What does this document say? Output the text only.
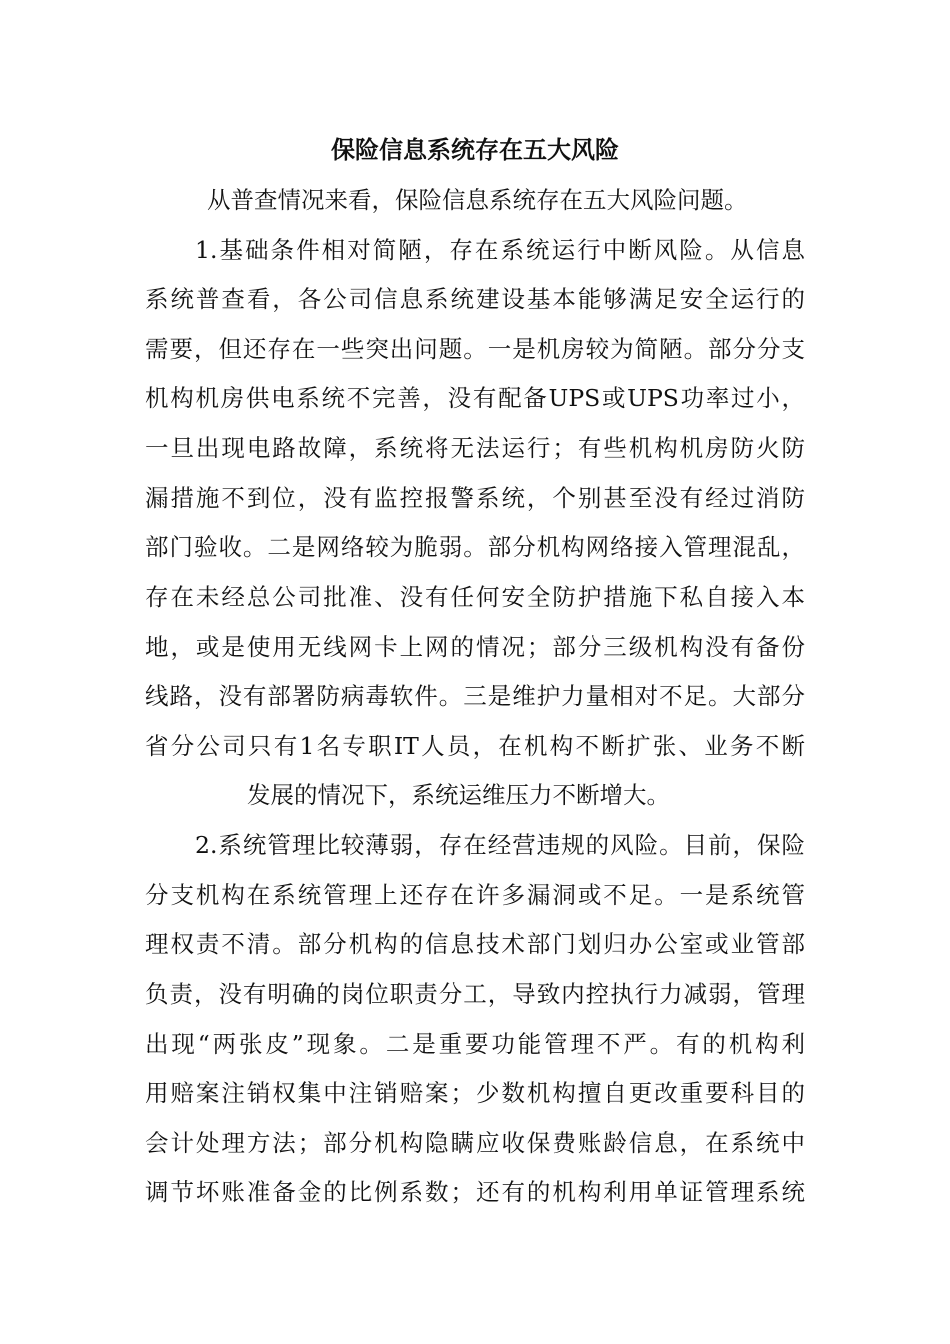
保险信息系统存在五大风险
从普查情况来看，保险信息系统存在五大风险问题。
1.基础条件相对简陋，存在系统运行中断风险。从信息
系统普查看，各公司信息系统建设基本能够满足安全运行的
需要，但还存在一些突出问题。一是机房较为简陋。部分分支
机构机房供电系统不完善，没有配备UPS或UPS功率过小，
一旦出现电路故障，系统将无法运行；有些机构机房防火防
漏措施不到位，没有监控报警系统，个别甚至没有经过消防
部门验收。二是网络较为脆弱。部分机构网络接入管理混乱，
存在未经总公司批准、没有任何安全防护措施下私自接入本
地，或是使用无线网卡上网的情况；部分三级机构没有备份
线路，没有部署防病毒软件。三是维护力量相对不足。大部分
省分公司只有1名专职IT人员，在机构不断扩张、业务不断
发展的情况下，系统运维压力不断增大。
2.系统管理比较薄弱，存在经营违规的风险。目前，保险
分支机构在系统管理上还存在许多漏洞或不足。一是系统管
理权责不清。部分机构的信息技术部门划归办公室或业管部
负责，没有明确的岗位职责分工，导致内控执行力减弱，管理
出现“两张皮”现象。二是重要功能管理不严。有的机构利
用赔案注销权集中注销赔案；少数机构擅自更改重要科目的
会计处理方法；部分机构隐瞒应收保费账龄信息，在系统中
调节坏账准备金的比例系数；还有的机构利用单证管理系统
